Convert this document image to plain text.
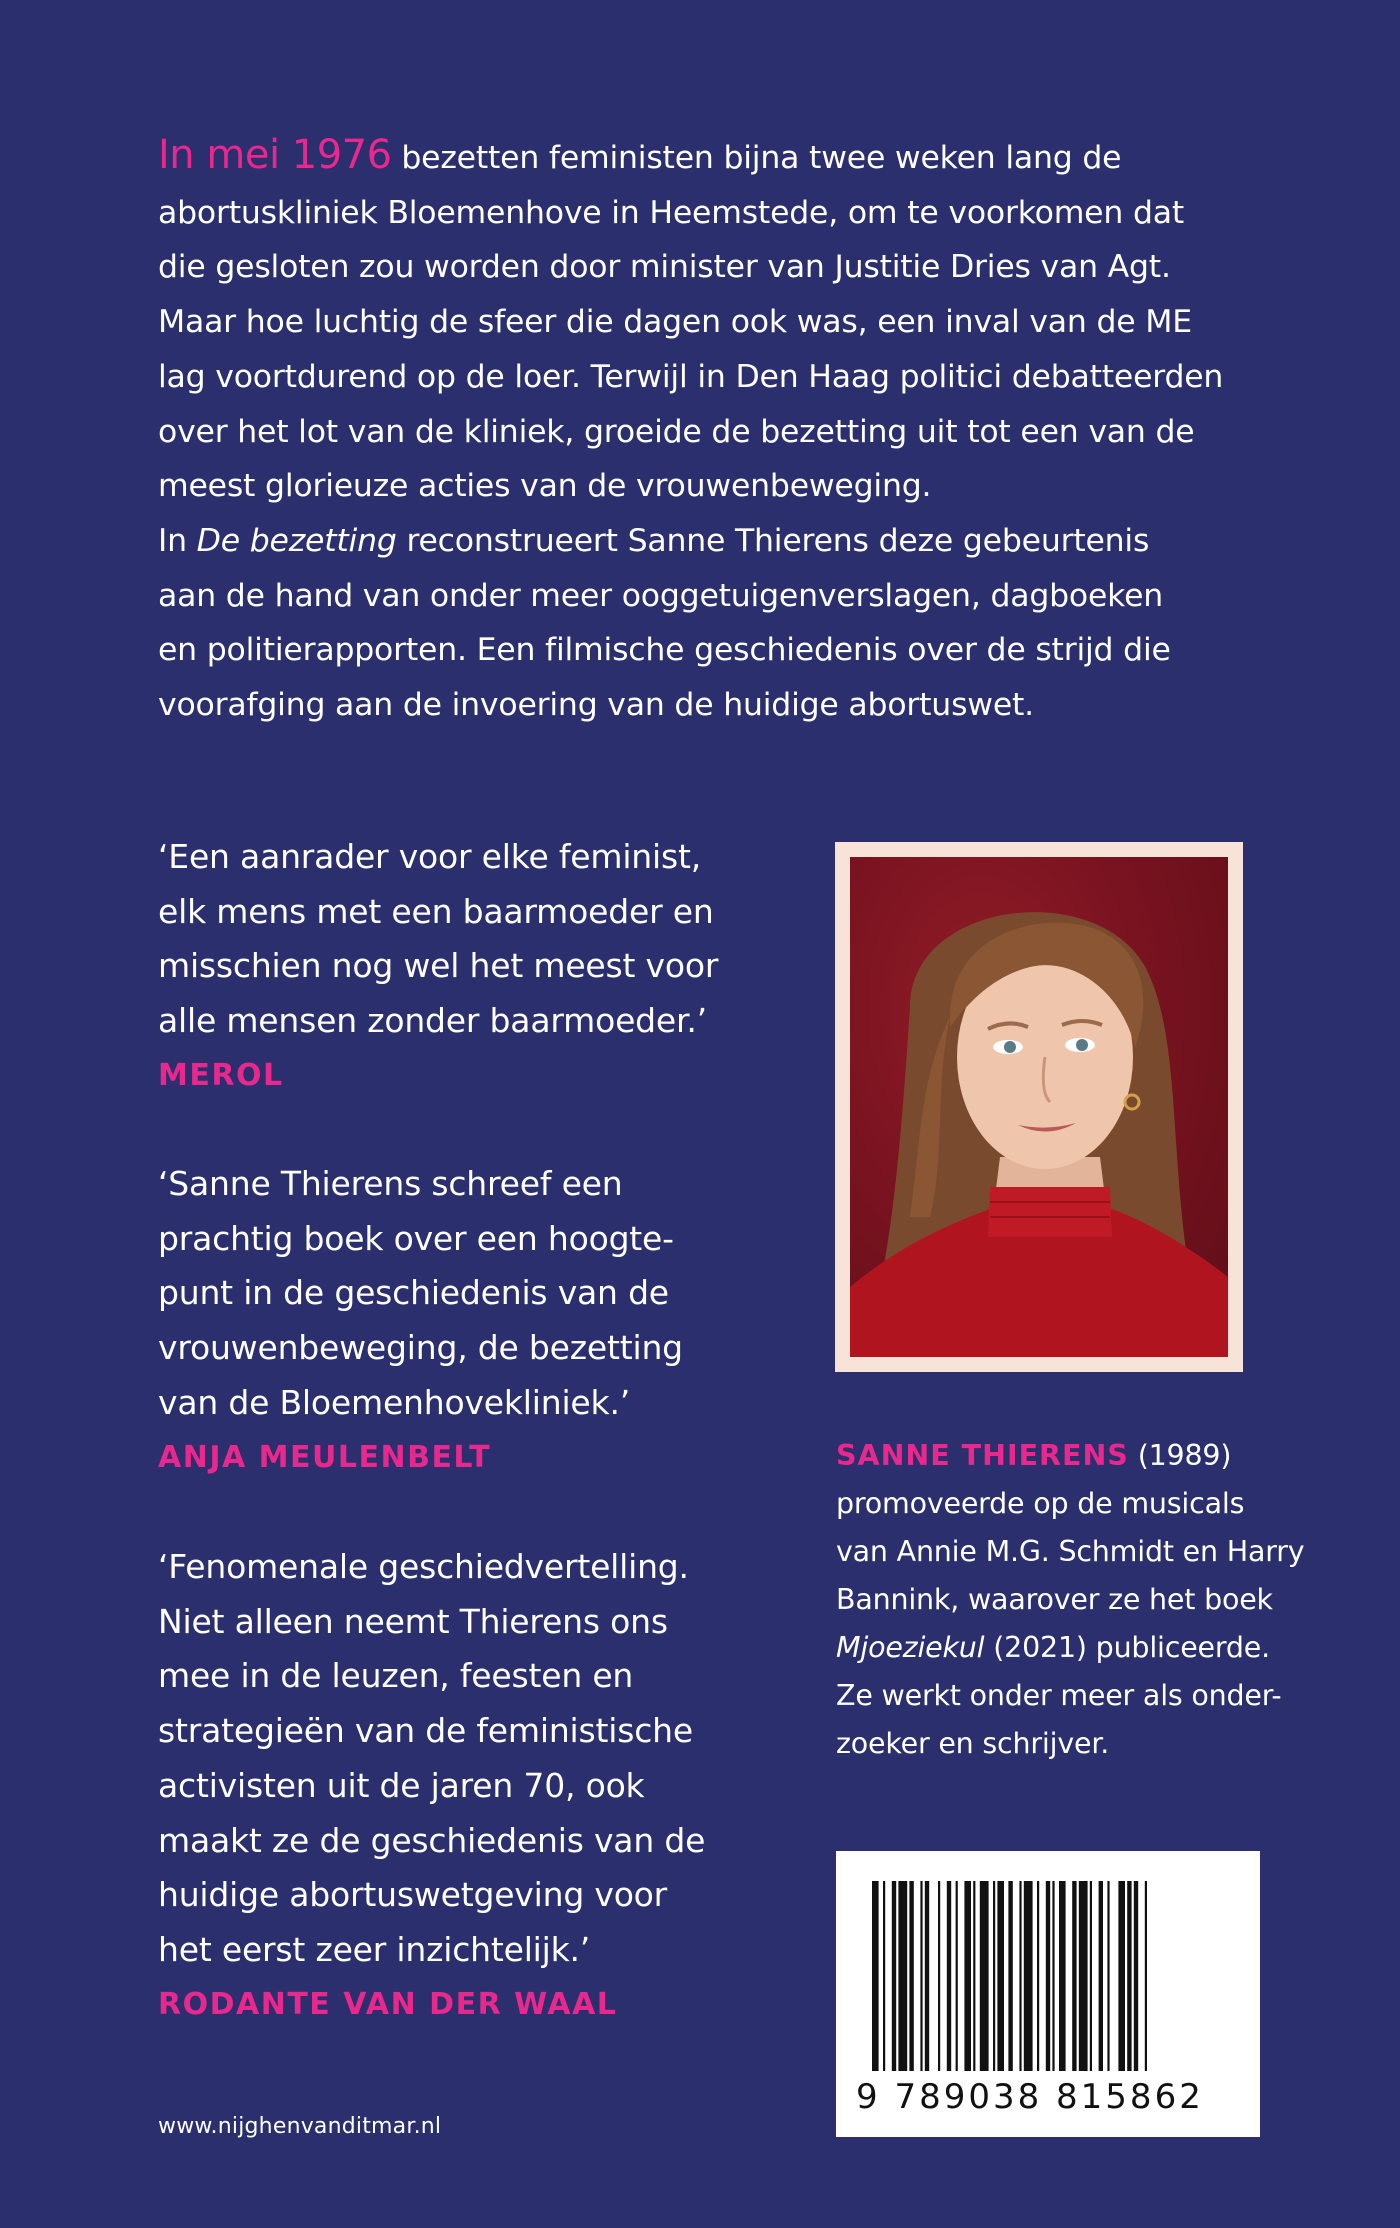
In mei 1976 bezetten feministen bijna twee weken lang de
abortuskliniek Bloemenhove in Heemstede, om te voorkomen dat
die gesloten zou worden door minister van Justitie Dries van Agt.
Maar hoe luchtig de sfeer die dagen ook was, een inval van de ME
lag voortdurend op de loer. Terwijl in Den Haag politici debatteerden
over het lot van de kliniek, groeide de bezetting uit tot een van de
meest glorieuze acties van de vrouwenbeweging.

In De bezetting reconstrueert Sanne Thierens deze gebeurtenis
aan de hand van onder meer ooggetuigenverslagen, dagboeken
en politierapporten. Een filmische geschiedenis over de strijd die
voorafging aan de invoering van de huidige abortuswet.

‘Een aanrader voor elke feminist,
elk mens met een baarmoeder en
misschien nog wel het meest voor
alle mensen zonder baarmoeder.’
MEROL
‘Sanne Thierens schreef een
prachtig boek over een hoogte-
punt in de geschiedenis van de
vrouwenbeweging, de bezetting
van de Bloemenhovekliniek.’
ANJA MEULENBELT
‘Fenomenale geschiedvertelling.
Niet alleen neemt Thierens ons
mee in de leuzen, feesten en
strategieën van de feministische
activisten uit de jaren 70, ook
maakt ze de geschiedenis van de
huidige abortuswetgeving voor
het eerst zeer inzichtelijk.’
RODANTE VAN DER WAAL
SANNE THIERENS (1989)
promoveerde op de musicals
van Annie M.G. Schmidt en Harry
Bannink, waarover ze het boek
Mjoeziekul (2021) publiceerde.
Ze werkt onder meer als onder-
zoeker en schrijver.
9 789038 815862
www.nijghenvanditmar.nl
